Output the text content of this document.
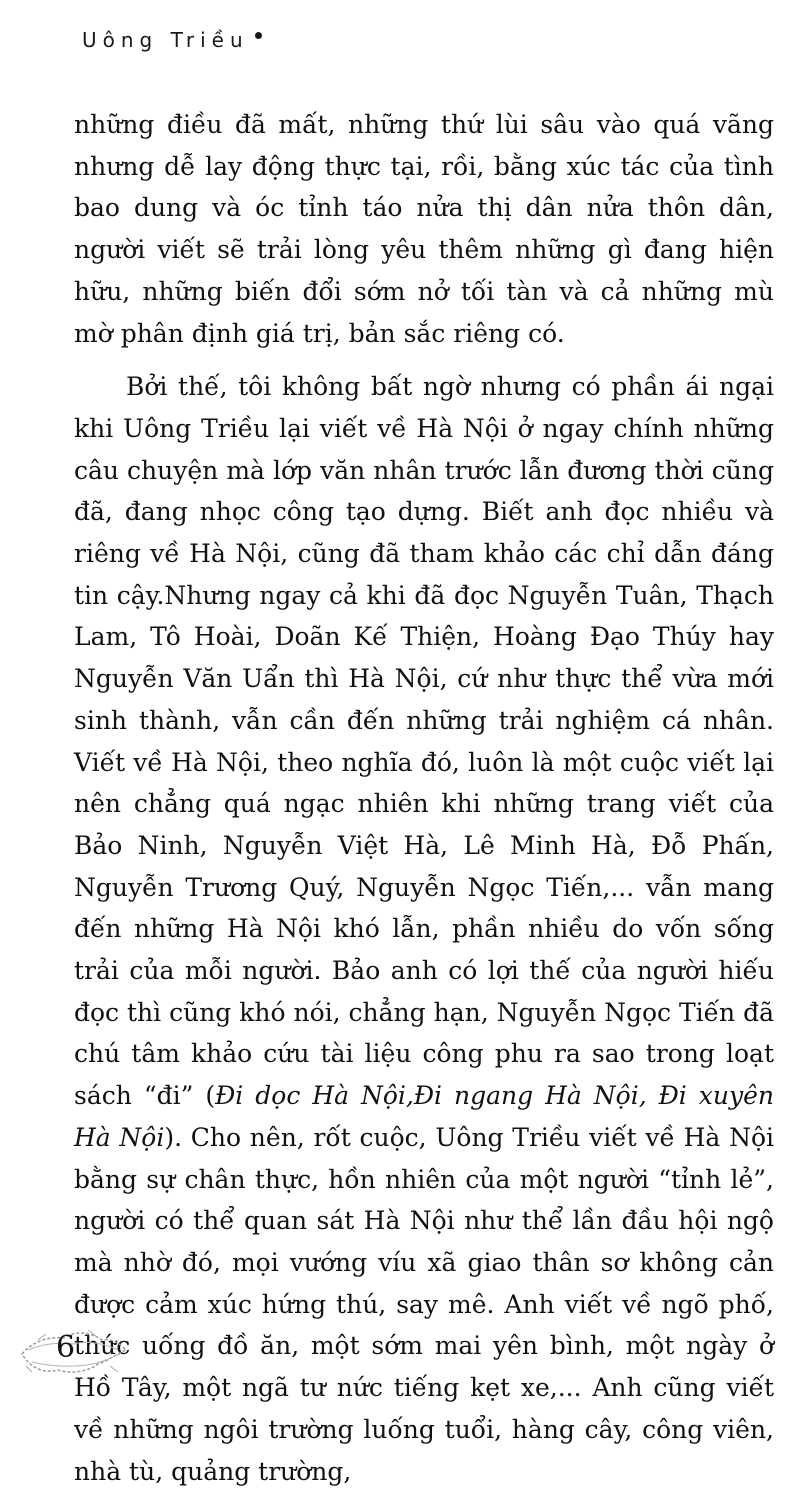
Uông Triều

những điều đã mất, những thứ lùi sâu vào quá vãng nhưng dễ lay động thực tại, rồi, bằng xúc tác của tình bao dung và óc tỉnh táo nửa thị dân nửa thôn dân, người viết sẽ trải lòng yêu thêm những gì đang hiện hữu, những biến đổi sớm nở tối tàn và cả những mù mờ phân định giá trị, bản sắc riêng có.

Bởi thế, tôi không bất ngờ nhưng có phần ái ngại khi Uông Triều lại viết về Hà Nội ở ngay chính những câu chuyện mà lớp văn nhân trước lẫn đương thời cũng đã, đang nhọc công tạo dựng. Biết anh đọc nhiều và riêng về Hà Nội, cũng đã tham khảo các chỉ dẫn đáng tin cậy.Nhưng ngay cả khi đã đọc Nguyễn Tuân, Thạch Lam, Tô Hoài, Doãn Kế Thiện, Hoàng Đạo Thúy hay Nguyễn Văn Uẩn thì Hà Nội, cứ như thực thể vừa mới sinh thành, vẫn cần đến những trải nghiệm cá nhân. Viết về Hà Nội, theo nghĩa đó, luôn là một cuộc viết lại nên chẳng quá ngạc nhiên khi những trang viết của Bảo Ninh, Nguyễn Việt Hà, Lê Minh Hà, Đỗ Phấn, Nguyễn Trương Quý, Nguyễn Ngọc Tiến,... vẫn mang đến những Hà Nội khó lẫn, phần nhiều do vốn sống trải của mỗi người. Bảo anh có lợi thế của người hiếu đọc thì cũng khó nói, chẳng hạn, Nguyễn Ngọc Tiến đã chú tâm khảo cứu tài liệu công phu ra sao trong loạt sách “đi” (Đi dọc Hà Nội,Đi ngang Hà Nội, Đi xuyên Hà Nội). Cho nên, rốt cuộc, Uông Triều viết về Hà Nội bằng sự chân thực, hồn nhiên của một người “tỉnh lẻ”, người có thể quan sát Hà Nội như thể lần đầu hội ngộ mà nhờ đó, mọi vướng víu xã giao thân sơ không cản được cảm xúc hứng thú, say mê. Anh viết về ngõ phố, thức uống đồ ăn, một sớm mai yên bình, một ngày ở Hồ Tây, một ngã tư nức tiếng kẹt xe,... Anh cũng viết về những ngôi trường luống tuổi, hàng cây, công viên, nhà tù, quảng trường,

6
